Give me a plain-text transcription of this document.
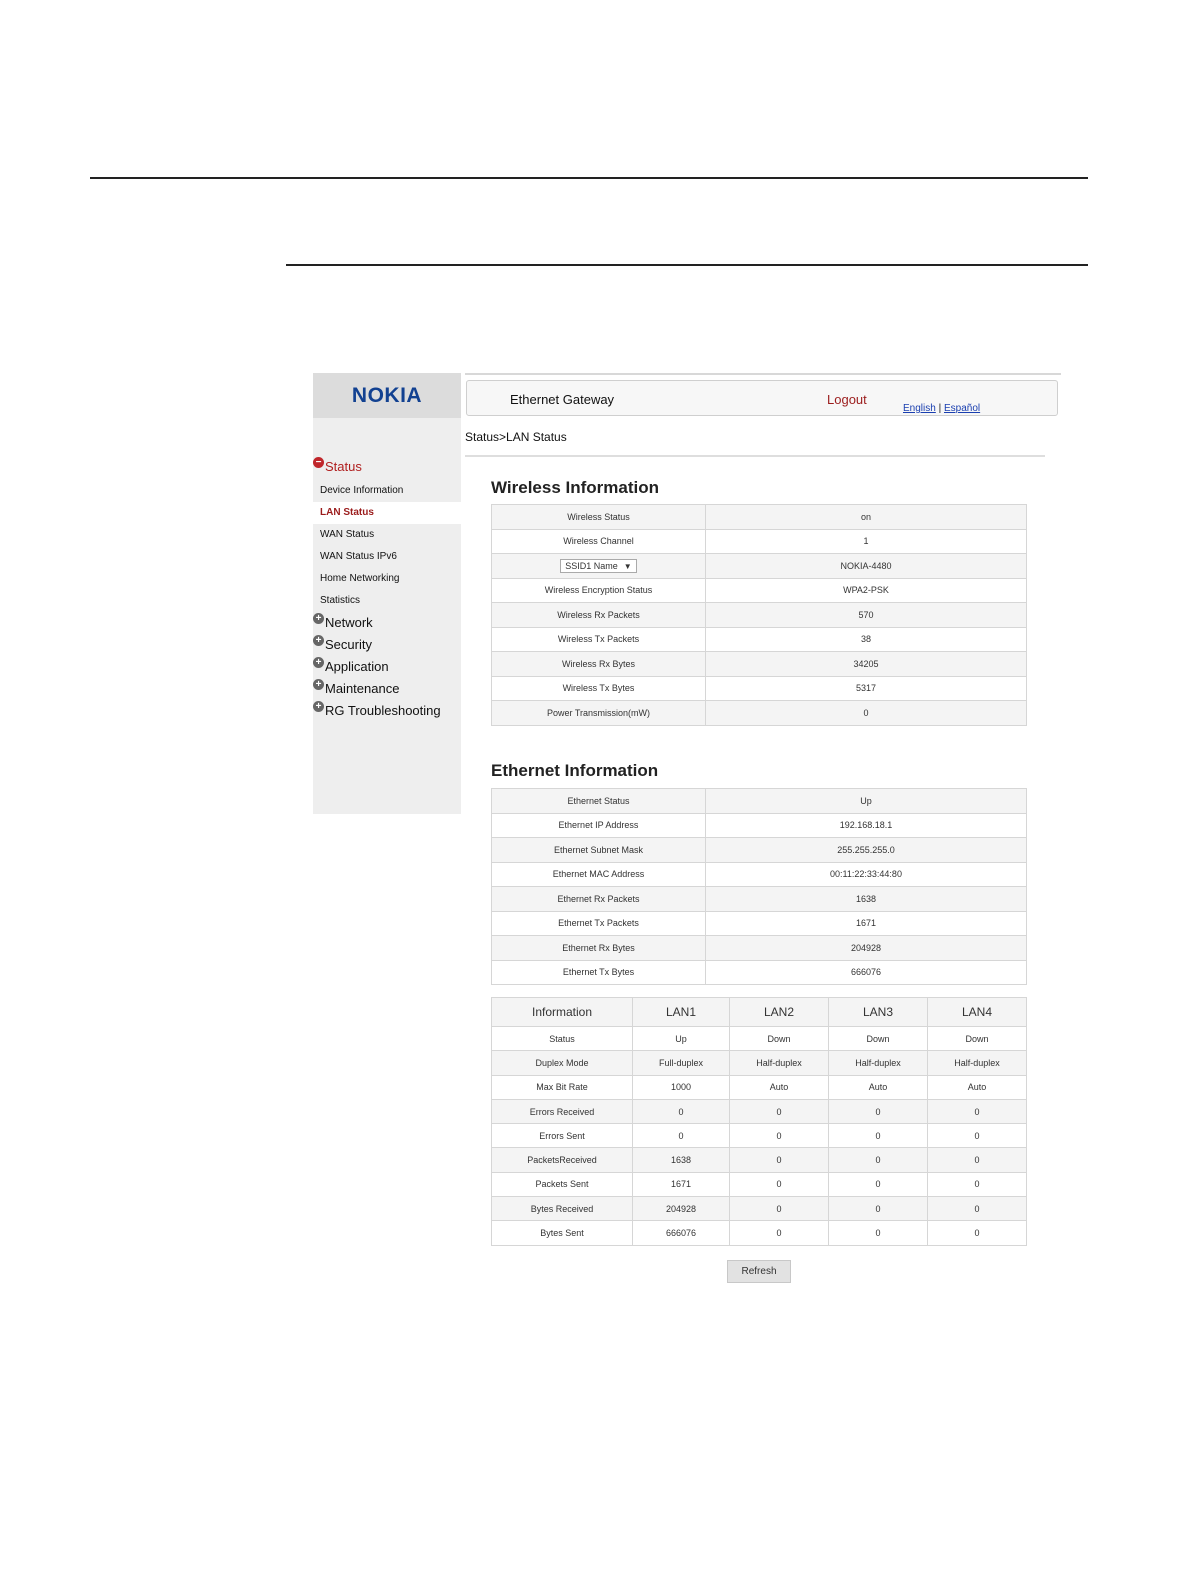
NOKIA
− Status
Device Information
LAN Status
WAN Status
WAN Status IPv6
Home Networking
Statistics
+ Network
+ Security
+ Application
+ Maintenance
+ RG Troubleshooting
Ethernet Gateway	Logout
English | Español
Status>LAN Status
Wireless Information
Wireless Status	on
Wireless Channel	1
SSID1 Name ▼	NOKIA-4480
Wireless Encryption Status	WPA2-PSK
Wireless Rx Packets	570
Wireless Tx Packets	38
Wireless Rx Bytes	34205
Wireless Tx Bytes	5317
Power Transmission(mW)	0
Ethernet Information
Ethernet Status	Up
Ethernet IP Address	192.168.18.1
Ethernet Subnet Mask	255.255.255.0
Ethernet MAC Address	00:11:22:33:44:80
Ethernet Rx Packets	1638
Ethernet Tx Packets	1671
Ethernet Rx Bytes	204928
Ethernet Tx Bytes	666076
Information	LAN1	LAN2	LAN3	LAN4
Status	Up	Down	Down	Down
Duplex Mode	Full-duplex	Half-duplex	Half-duplex	Half-duplex
Max Bit Rate	1000	Auto	Auto	Auto
Errors Received	0	0	0	0
Errors Sent	0	0	0	0
PacketsReceived	1638	0	0	0
Packets Sent	1671	0	0	0
Bytes Received	204928	0	0	0
Bytes Sent	666076	0	0	0
Refresh
